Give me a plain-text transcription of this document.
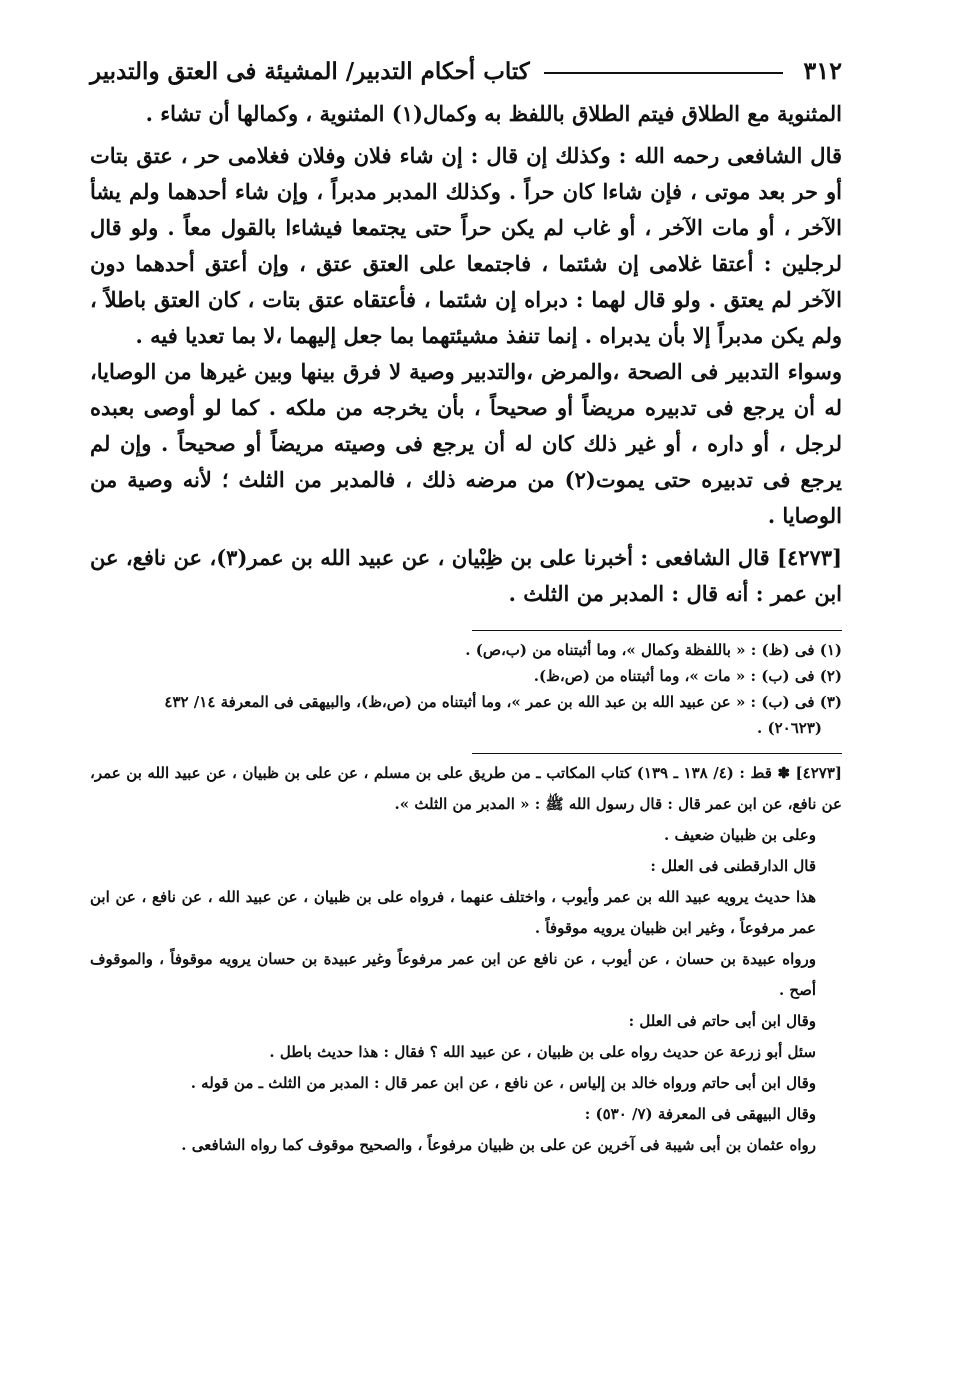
٣١٢
كتاب أحكام التدبير/ المشيئة فى العتق والتدبير

المثنوية مع الطلاق فيتم الطلاق باللفظ به وكمال(١) المثنوية ، وكمالها أن تشاء .

قال الشافعى رحمه الله : وكذلك إن قال : إن شاء فلان وفلان فغلامى حر ، عتق بتات أو حر بعد موتى ، فإن شاءا كان حراً . وكذلك المدبر مدبراً ، وإن شاء أحدهما ولم يشأ الآخر ، أو مات الآخر ، أو غاب لم يكن حراً حتى يجتمعا فيشاءا بالقول معاً . ولو قال لرجلين : أعتقا غلامى إن شئتما ، فاجتمعا على العتق عتق ، وإن أعتق أحدهما دون الآخر لم يعتق . ولو قال لهما : دبراه إن شئتما ، فأعتقاه عتق بتات ، كان العتق باطلاً ، ولم يكن مدبراً إلا بأن يدبراه . إنما تنفذ مشيئتهما بما جعل إليهما ،لا بما تعديا فيه .

وسواء التدبير فى الصحة ،والمرض ،والتدبير وصية لا فرق بينها وبين غيرها من الوصايا، له أن يرجع فى تدبيره مريضاً أو صحيحاً ، بأن يخرجه من ملكه . كما لو أوصى بعبده لرجل ، أو داره ، أو غير ذلك كان له أن يرجع فى وصيته مريضاً أو صحيحاً . وإن لم يرجع فى تدبيره حتى يموت(٢) من مرضه ذلك ، فالمدبر من الثلث ؛ لأنه وصية من الوصايا .

[٤٢٧٣] قال الشافعى : أخبرنا على بن ظِبْيان ، عن عبيد الله بن عمر(٣)، عن نافع، عن ابن عمر : أنه قال : المدبر من الثلث .

(١) فى (ظ) : « باللفظة وكمال »، وما أثبتناه من (ب،ص) .

(٢) فى (ب) : « مات »، وما أثبتناه من (ص،ظ).

(٣) فى (ب) : « عن عبيد الله بن عبد الله بن عمر »، وما أثبتناه من (ص،ظ)، والبيهقى فى المعرفة ١٤/ ٤٣٢

(٢٠٦٢٣) .

[٤٢٧٣] ✽ قط : (٤/ ١٣٨ ـ ١٣٩) كتاب المكاتب ـ من طريق على بن مسلم ، عن على بن ظبيان ، عن عبيد الله بن عمر، عن نافع، عن ابن عمر قال : قال رسول الله ﷺ : « المدبر من الثلث ».

وعلى بن ظبيان ضعيف .

قال الدارقطنى فى العلل :

هذا حديث يرويه عبيد الله بن عمر وأيوب ، واختلف عنهما ، فرواه على بن ظبيان ، عن عبيد الله ، عن نافع ، عن ابن عمر مرفوعاً ، وغير ابن ظبيان يرويه موقوفاً .

ورواه عبيدة بن حسان ، عن أيوب ، عن نافع عن ابن عمر مرفوعاً وغير عبيدة بن حسان يرويه موقوفاً ، والموقوف أصح .

وقال ابن أبى حاتم فى العلل :

سئل أبو زرعة عن حديث رواه على بن ظبيان ، عن عبيد الله ؟ فقال : هذا حديث باطل .

وقال ابن أبى حاتم ورواه خالد بن إلياس ، عن نافع ، عن ابن عمر قال : المدبر من الثلث ـ من قوله .

وقال البيهقى فى المعرفة (٧/ ٥٣٠) :

رواه عثمان بن أبى شيبة فى آخرين عن على بن ظبيان مرفوعاً ، والصحيح موقوف كما رواه الشافعى .
